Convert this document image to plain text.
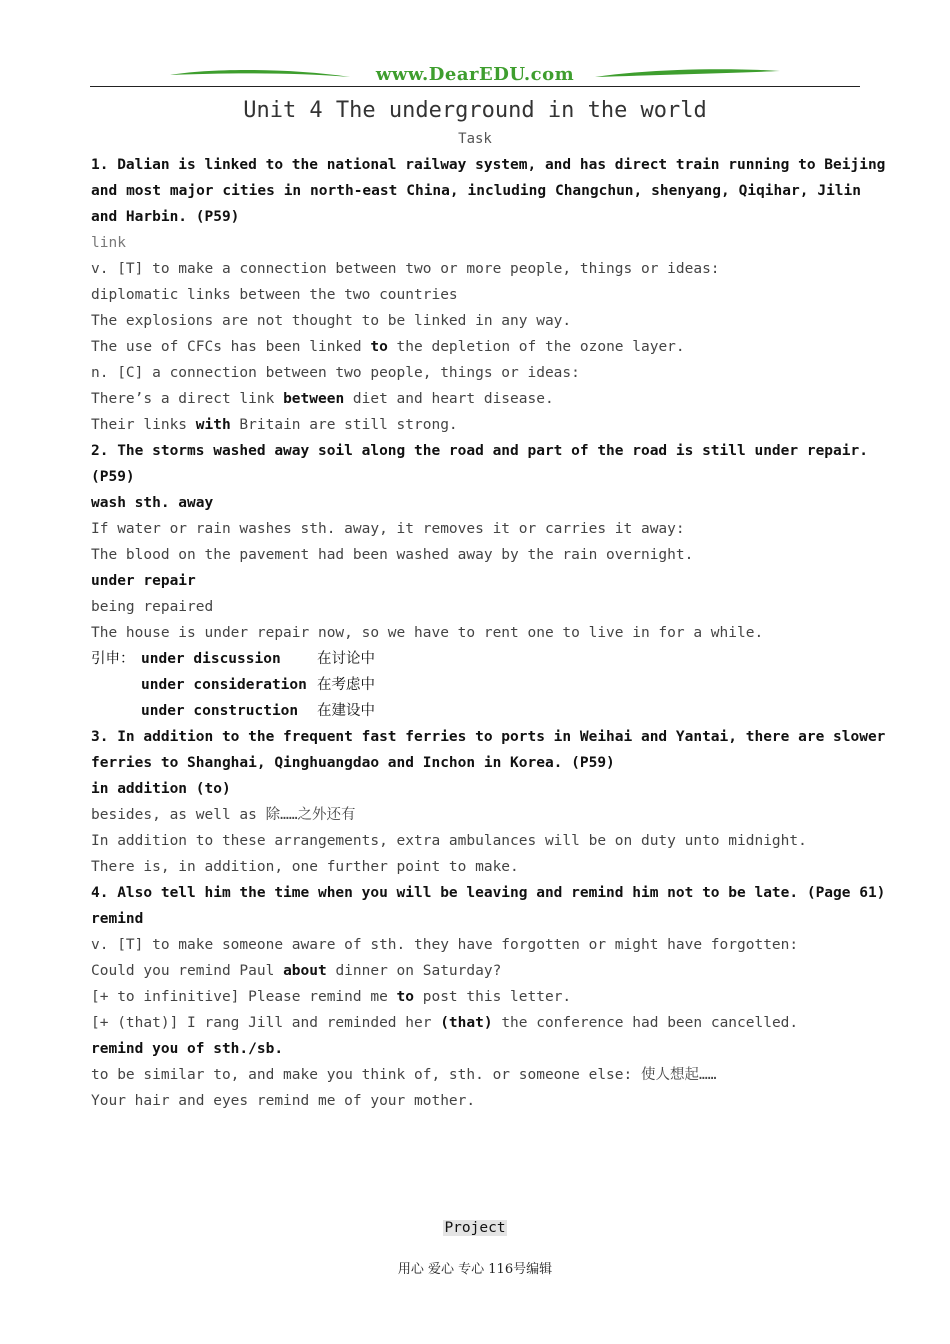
www.DearEDU.com
Unit 4 The underground in the world
Task
1. Dalian is linked to the national railway system, and has direct train running to Beijing
and most major cities in north-east China, including Changchun, shenyang, Qiqihar, Jilin
and Harbin. (P59)
link
v. [T] to make a connection between two or more people, things or ideas:
diplomatic links between the two countries
The explosions are not thought to be linked in any way.
The use of CFCs has been linked to the depletion of the ozone layer.
n. [C] a connection between two people, things or ideas:
There’s a direct link between diet and heart disease.
Their links with Britain are still strong.
2. The storms washed away soil along the road and part of the road is still under repair.
(P59)
wash sth. away
If water or rain washes sth. away, it removes it or carries it away:
The blood on the pavement had been washed away by the rain overnight.
under repair
being repaired
The house is under repair now, so we have to rent one to live in for a while.
引申： under discussion	在讨论中
under consideration 在考虑中
under construction 在建设中
3. In addition to the frequent fast ferries to ports in Weihai and Yantai, there are slower
ferries to Shanghai, Qinghuangdao and Inchon in Korea. (P59)
in addition (to)
besides, as well as 除……之外还有
In addition to these arrangements, extra ambulances will be on duty unto midnight.
There is, in addition, one further point to make.
4. Also tell him the time when you will be leaving and remind him not to be late. (Page 61)
remind
v. [T] to make someone aware of sth. they have forgotten or might have forgotten:
Could you remind Paul about dinner on Saturday?
[+ to infinitive] Please remind me to post this letter.
[+ (that)] I rang Jill and reminded her (that) the conference had been cancelled.
remind you of sth./sb.
to be similar to, and make you think of, sth. or someone else: 使人想起……
Your hair and eyes remind me of your mother.
Project
用心 爱心 专心 116号编辑
